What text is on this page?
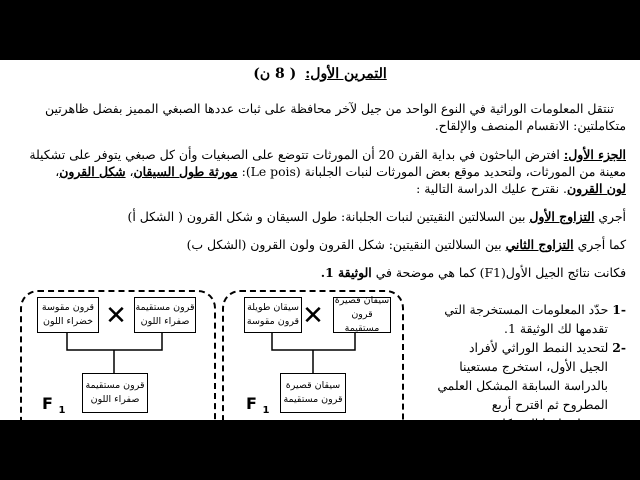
التمرين الأول: ( 8 ن)
تنتقل المعلومات الوراثية في النوع الواحد من جيل لآخر محافظة على ثبات عددها الصبغي المميز بفضل ظاهرتين
متكاملتين: الانقسام المنصف والإلقاح.
الجزء الأول: افترض الباحثون في بداية القرن 20 أن المورثات تتوضع على الصبغيات وأن كل صبغي يتوفر على تشكيلة
معينة من المورثات، ولتحديد موقع بعض المورثات لنبات الجلبانة (Le pois): مورثة طول السيقان، شكل القرون،
لون القرون. نقترح عليك الدراسة التالية :
أجري التزاوج الأول بين السلالتين النقيتين لنبات الجلبانة: طول السيقان و شكل القرون ( الشكل أ)
كما أجري التزاوج الثاني بين السلالتين النقيتين: شكل القرون ولون القرون (الشكل ب)
فكانت نتائج الجيل الأول(F1) كما هي موضحة في الوثيقة 1.
سيقان قصيرة
قرون مستقيمة
✕
سيقان طويلة
قرون مقوسة
سيقان قصيرة
قرون مستقيمة
F $_1$
قرون مستقيمة
صفراء اللون
✕
قرون مقوسة
خضراء اللون
قرون مستقيمة
صفراء اللون
F $_1$
-1 حدّد المعلومات المستخرجة التي
تقدمها لك الوثيقة 1.
-2 لتحديد النمط الوراثي لأفراد
الجيل الأول، استخرج مستعينا
بالدراسة السابقة المشكل العلمي
المطروح ثم اقترح أربع
فرضيات لهذا المشكل.
